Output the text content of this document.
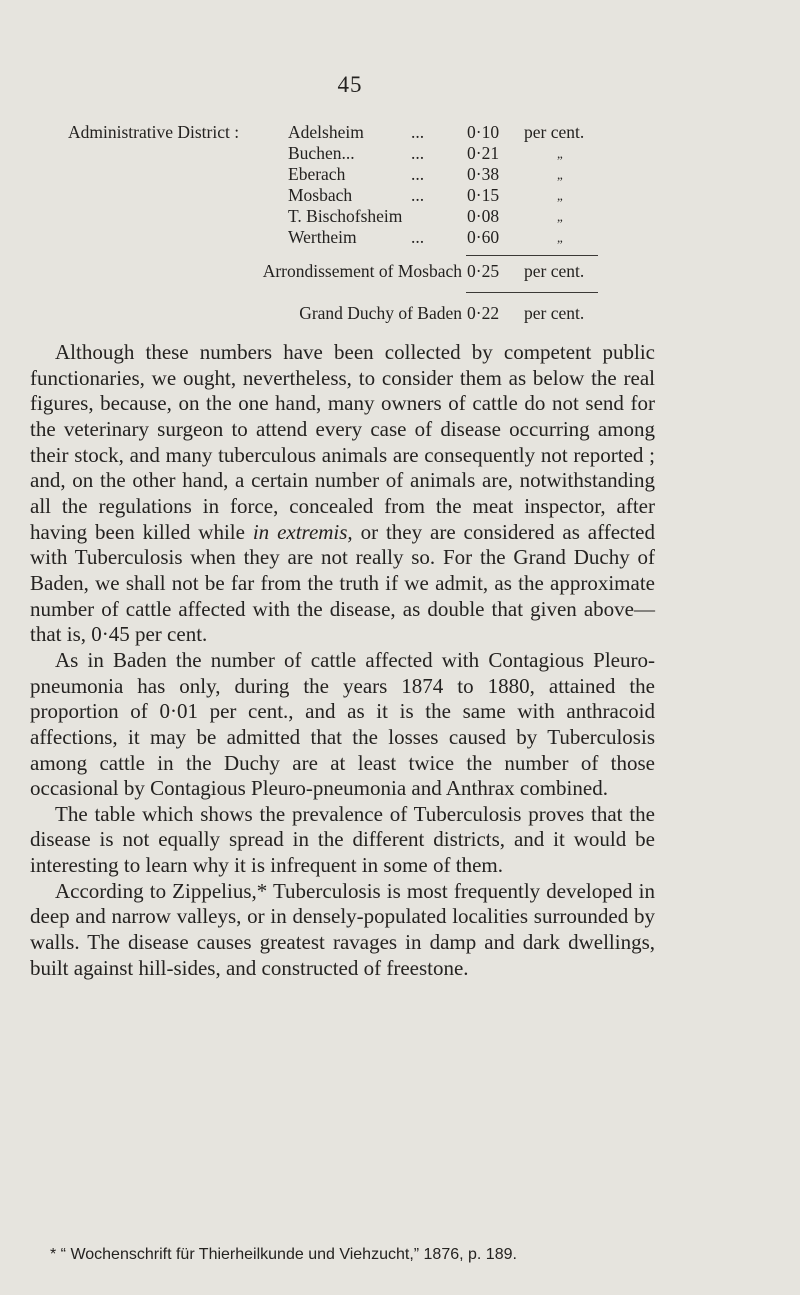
45
Administrative District :	Adelsheim	... 0·10 per cent.
Buchen...	... 0·21	„
Eberach	... 0·38	„
Mosbach	... 0·15	„
T. Bischofsheim	0·08	„
Wertheim	... 0·60	„
Arrondissement of Mosbach 0·25 per cent.
Grand Duchy of Baden 0·22 per cent.

Although these numbers have been collected by competent public functionaries, we ought, nevertheless, to consider them as below the real figures, because, on the one hand, many owners of cattle do not send for the veterinary surgeon to attend every case of disease occurring among their stock, and many tuberculous animals are consequently not reported ; and, on the other hand, a certain number of animals are, notwithstanding all the regulations in force, concealed from the meat inspector, after having been killed while in extremis, or they are considered as affected with Tuberculosis when they are not really so. For the Grand Duchy of Baden, we shall not be far from the truth if we admit, as the approximate number of cattle affected with the disease, as double that given above—that is, 0·45 per cent.

As in Baden the number of cattle affected with Contagious Pleuro-pneumonia has only, during the years 1874 to 1880, attained the proportion of 0·01 per cent., and as it is the same with anthracoid affections, it may be admitted that the losses caused by Tuberculosis among cattle in the Duchy are at least twice the number of those occasional by Contagious Pleuro-pneumonia and Anthrax combined.

The table which shows the prevalence of Tuberculosis proves that the disease is not equally spread in the different districts, and it would be interesting to learn why it is infrequent in some of them.

According to Zippelius,* Tuberculosis is most frequently developed in deep and narrow valleys, or in densely-populated localities surrounded by walls. The disease causes greatest ravages in damp and dark dwellings, built against hill-sides, and constructed of freestone.

* “ Wochenschrift für Thierheilkunde und Viehzucht,” 1876, p. 189.
